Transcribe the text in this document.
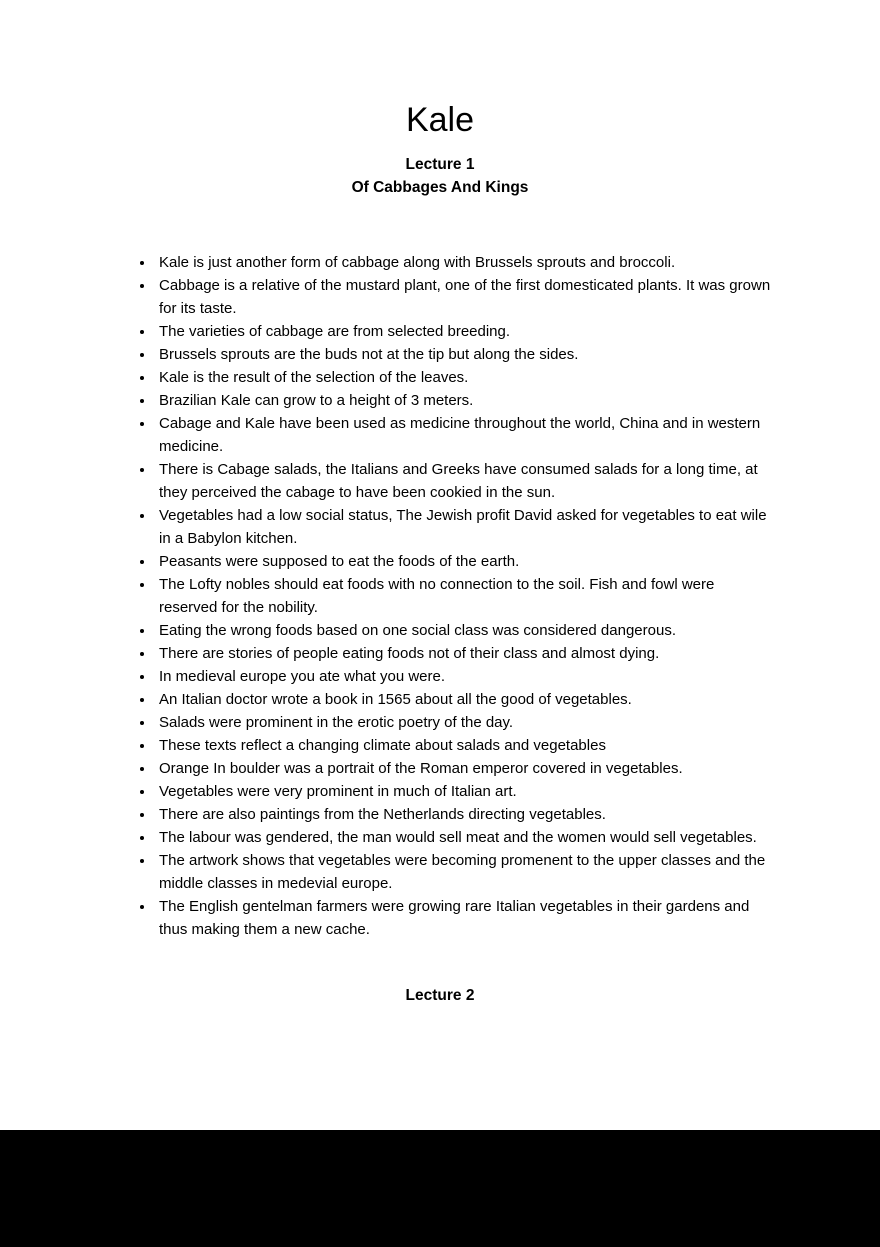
Kale

Lecture 1

Of Cabbages And Kings

• Kale is just another form of cabbage along with Brussels sprouts and broccoli.
• Cabbage is a relative of the mustard plant, one of the first domesticated plants. It was grown for its taste.
• The varieties of cabbage are from selected breeding.
• Brussels sprouts are the buds not at the tip but along the sides.
• Kale is the result of the selection of the leaves.
• Brazilian Kale can grow to a height of 3 meters.
• Cabage and Kale have been used as medicine throughout the world, China and in western medicine.
• There is Cabage salads, the Italians and Greeks have consumed salads for a long time, at they perceived the cabage to have been cookied in the sun.
• Vegetables had a low social status, The Jewish profit David asked for vegetables to eat wile in a Babylon kitchen.
• Peasants were supposed to eat the foods of the earth.
• The Lofty nobles should eat foods with no connection to the soil. Fish and fowl were reserved for the nobility.
• Eating the wrong foods based on one social class was considered dangerous.
• There are stories of people eating foods not of their class and almost dying.
• In medieval europe you ate what you were.
• An Italian doctor wrote a book in 1565 about all the good of vegetables.
• Salads were prominent in the erotic poetry of the day.
• These texts reflect a changing climate about salads and vegetables
• Orange In boulder was a portrait of the Roman emperor covered in vegetables.
• Vegetables were very prominent in much of Italian art.
• There are also paintings from the Netherlands directing vegetables.
• The labour was gendered, the man would sell meat and the women would sell vegetables.
• The artwork shows that vegetables were becoming promenent to the upper classes and the middle classes in medevial europe.
• The English gentelman farmers were growing rare Italian vegetables in their gardens and thus making them a new cache.

Lecture 2
